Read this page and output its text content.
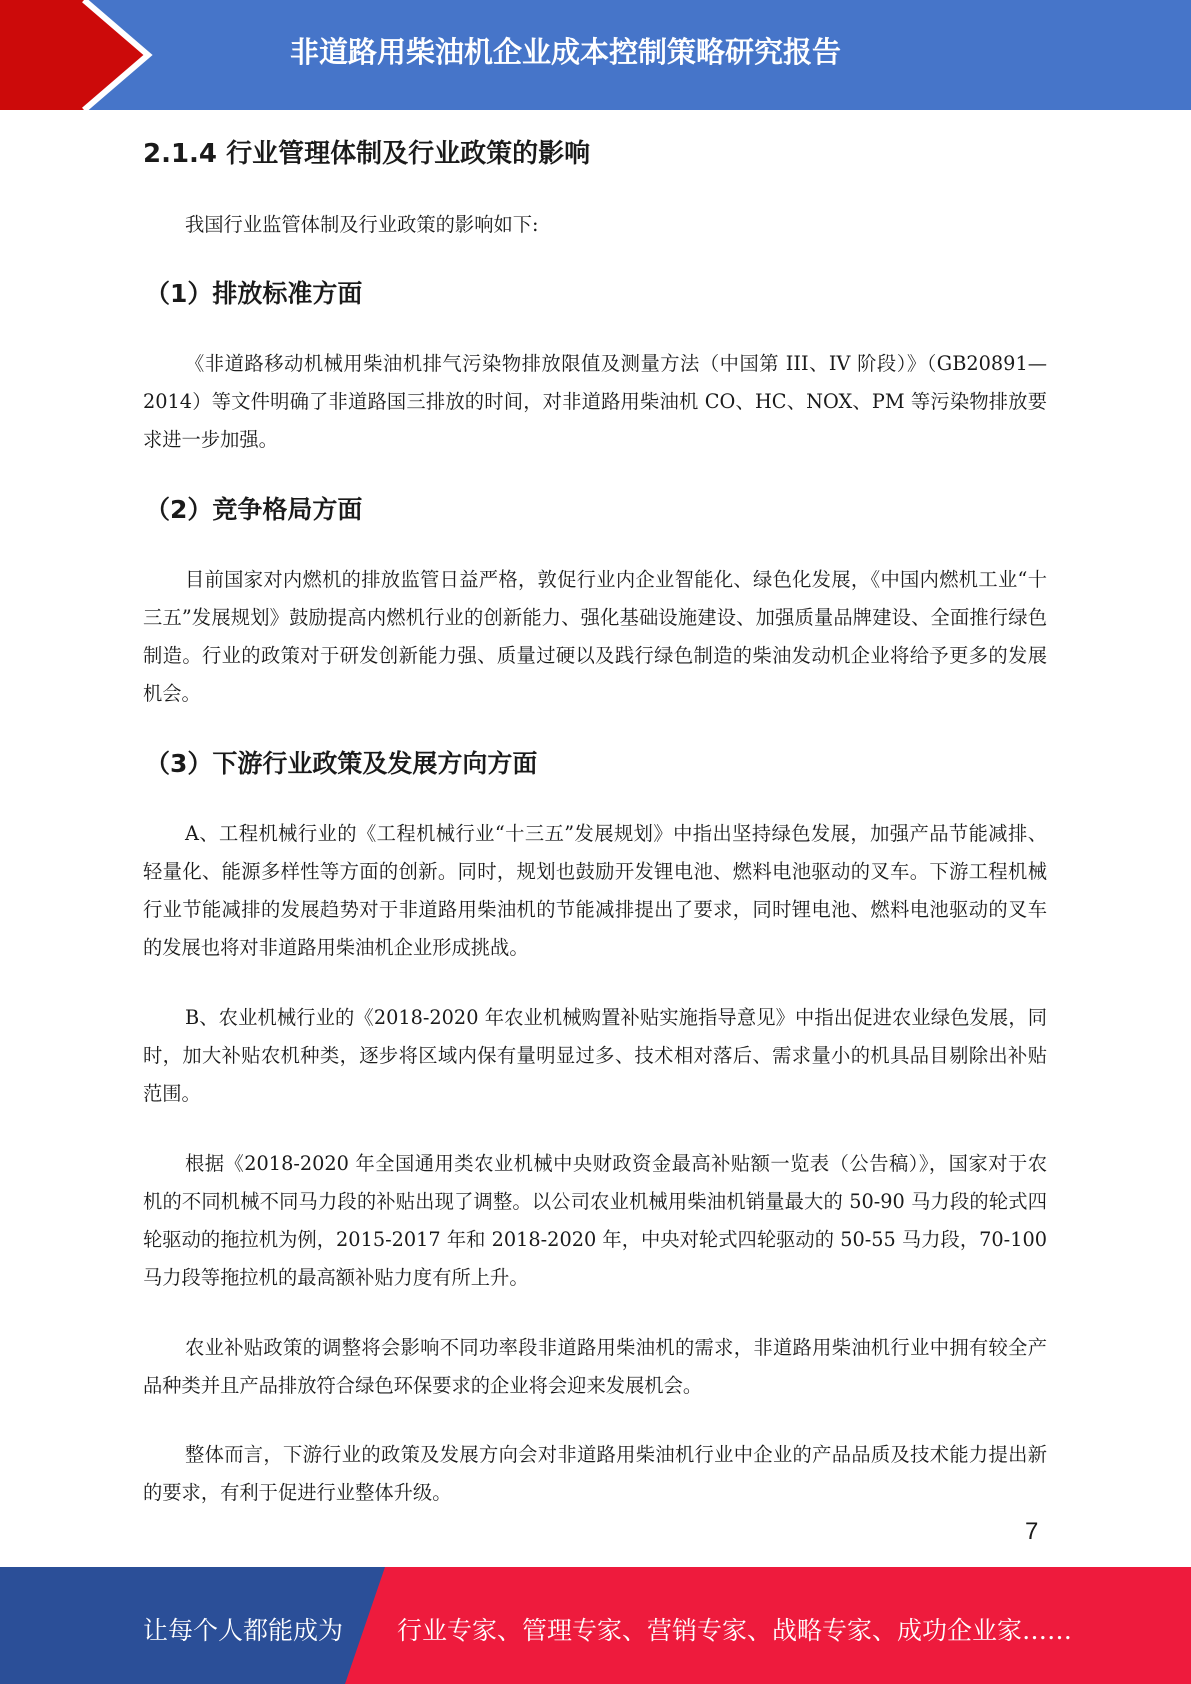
非道路用柴油机企业成本控制策略研究报告
2.1.4 行业管理体制及行业政策的影响

我国行业监管体制及行业政策的影响如下:

（1）排放标准方面

《非道路移动机械用柴油机排气污染物排放限值及测量方法（中国第 III、IV 阶段）》（GB20891—2014）等文件明确了非道路国三排放的时间，对非道路用柴油机 CO、HC、NOX、PM 等污染物排放要求进一步加强。

（2）竞争格局方面

目前国家对内燃机的排放监管日益严格，敦促行业内企业智能化、绿色化发展，《中国内燃机工业“十三五”发展规划》鼓励提高内燃机行业的创新能力、强化基础设施建设、加强质量品牌建设、全面推行绿色制造。行业的政策对于研发创新能力强、质量过硬以及践行绿色制造的柴油发动机企业将给予更多的发展机会。

（3）下游行业政策及发展方向方面

A、工程机械行业的《工程机械行业“十三五”发展规划》中指出坚持绿色发展，加强产品节能减排、轻量化、能源多样性等方面的创新。同时，规划也鼓励开发锂电池、燃料电池驱动的叉车。下游工程机械行业节能减排的发展趋势对于非道路用柴油机的节能减排提出了要求，同时锂电池、燃料电池驱动的叉车的发展也将对非道路用柴油机企业形成挑战。

B、农业机械行业的《2018-2020 年农业机械购置补贴实施指导意见》中指出促进农业绿色发展，同时，加大补贴农机种类，逐步将区域内保有量明显过多、技术相对落后、需求量小的机具品目剔除出补贴范围。

根据《2018-2020 年全国通用类农业机械中央财政资金最高补贴额一览表（公告稿）》，国家对于农机的不同机械不同马力段的补贴出现了调整。以公司农业机械用柴油机销量最大的 50-90 马力段的轮式四轮驱动的拖拉机为例，2015-2017 年和 2018-2020 年，中央对轮式四轮驱动的 50-55 马力段，70-100 马力段等拖拉机的最高额补贴力度有所上升。

农业补贴政策的调整将会影响不同功率段非道路用柴油机的需求，非道路用柴油机行业中拥有较全产品种类并且产品排放符合绿色环保要求的企业将会迎来发展机会。

整体而言，下游行业的政策及发展方向会对非道路用柴油机行业中企业的产品品质及技术能力提出新的要求，有利于促进行业整体升级。

7
让每个人都能成为 行业专家、管理专家、营销专家、战略专家、成功企业家……
